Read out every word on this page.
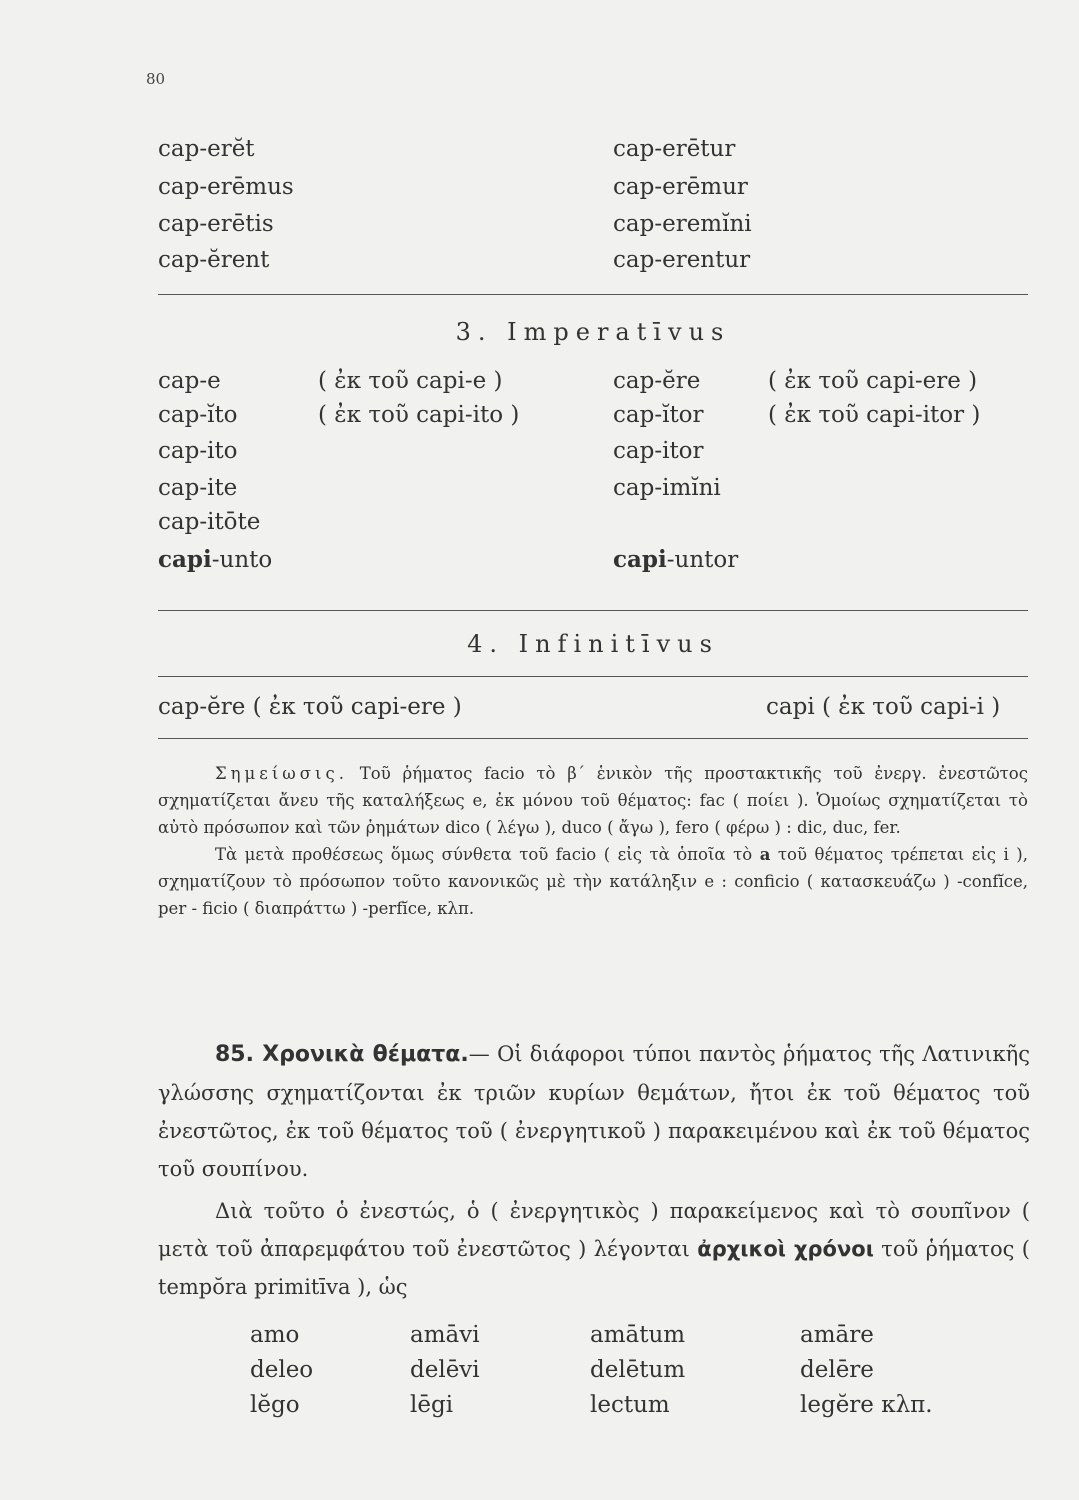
80
cap-erĕt	cap-erētur
cap-erēmus	cap-erēmur
cap-erētis	cap-eremĭni
cap-ĕrent	cap-erentur
3. Imperatīvus
cap-e	( ἐκ τοῦ capi-e )	cap-ĕre	( ἐκ τοῦ capi-ere )
cap-ĭto	( ἐκ τοῦ capi-ito )	cap-ĭtor	( ἐκ τοῦ capi-itor )
cap-ito	cap-itor
cap-ite	cap-imĭni
cap-itōte
capi-unto	capi-untor
4. Infinitīvus
cap-ĕre ( ἐκ τοῦ capi-ere )	capi ( ἐκ τοῦ capi-i )

Σημείωσις. Τοῦ ῥήματος facio τὸ β΄ ἑνικὸν τῆς προστακτικῆς τοῦ ἐνεργ. ἐνεστῶτος σχηματίζεται ἄνευ τῆς καταλήξεως e, ἐκ μόνου τοῦ θέματος: fac ( ποίει ). Ὁμοίως σχηματίζεται τὸ αὐτὸ πρόσωπον καὶ τῶν ῥημάτων dico ( λέγω ), duco ( ἄγω ), fero ( φέρω ) : dic, duc, fer.

Τὰ μετὰ προθέσεως ὅμως σύνθετα τοῦ facio ( εἰς τὰ ὁποῖα τὸ a τοῦ θέματος τρέπεται εἰς i ), σχηματίζουν τὸ πρόσωπον τοῦτο κανονικῶς μὲ τὴν κατάληξιν e : conficio ( κατασκευάζω ) -confĭce, per - ficio ( διαπράττω ) -perfĭce, κλπ.

85. Χρονικὰ θέματα.— Οἱ διάφοροι τύποι παντὸς ῥήματος τῆς Λατινικῆς γλώσσης σχηματίζονται ἐκ τριῶν κυρίων θεμάτων, ἤτοι ἐκ τοῦ θέματος τοῦ ἐνεστῶτος, ἐκ τοῦ θέματος τοῦ ( ἐνεργητικοῦ ) παρακειμένου καὶ ἐκ τοῦ θέματος τοῦ σουπίνου.

Διὰ τοῦτο ὁ ἐνεστώς, ὁ ( ἐνεργητικὸς ) παρακείμενος καὶ τὸ σουπῖνον ( μετὰ τοῦ ἀπαρεμφάτου τοῦ ἐνεστῶτος ) λέγονται ἀρχικοὶ χρόνοι τοῦ ῥήματος ( tempŏra primitīva ), ὡς

amo	amāvi	amātum	amāre
deleo	delēvi	delētum	delēre
lĕgo	lēgi	lectum	legĕre κλπ.
